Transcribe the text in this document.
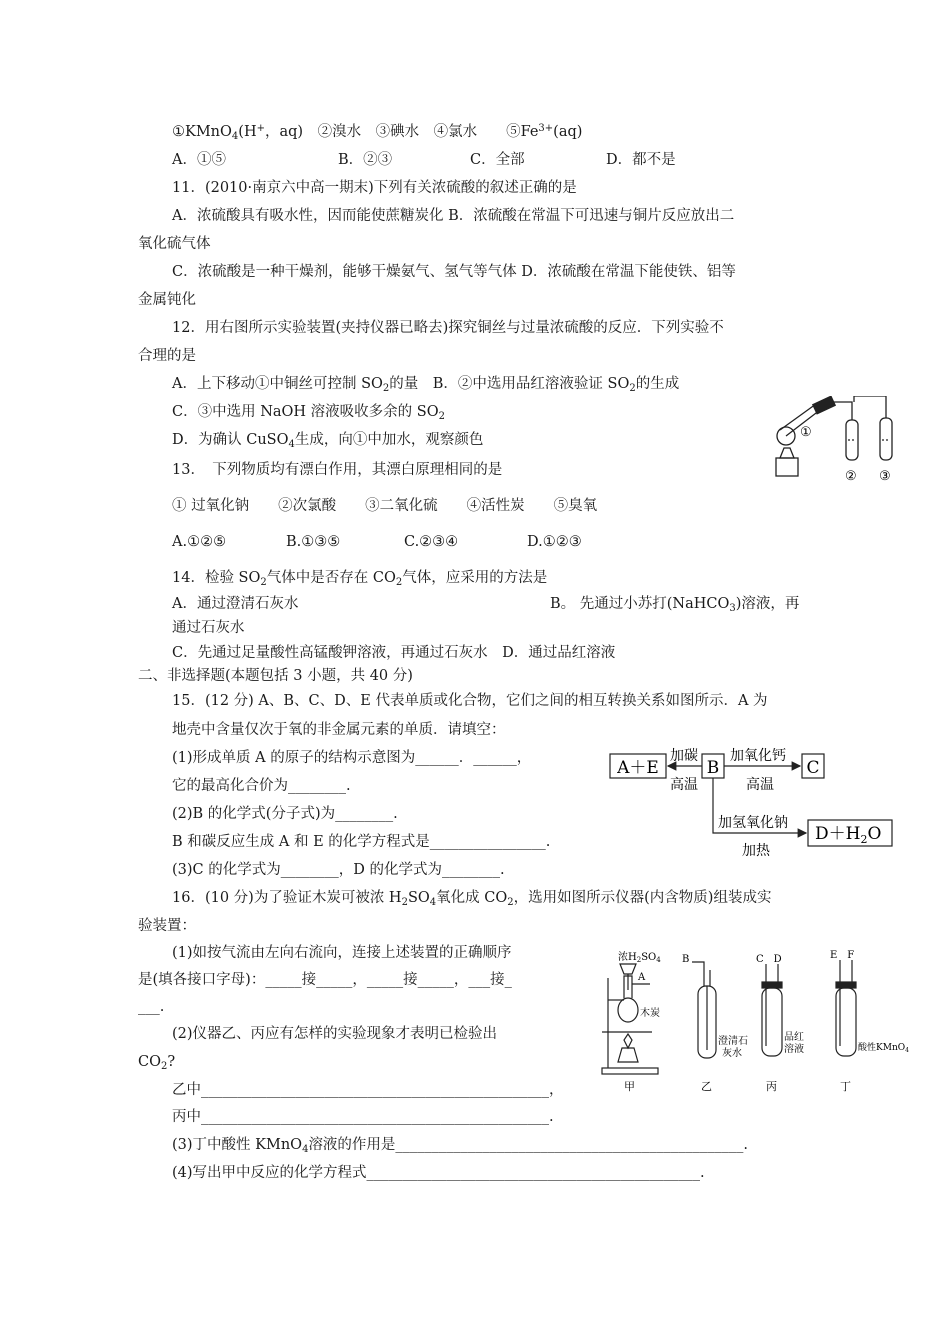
①KMnO$_4$(H+，aq)　②溴水　③碘水　④氯水　　$⑤Fe^{3+}(aq)$
A．①⑤	B．②③	C．全部	D．都不是
11．(2010·南京六中高一期末)下列有关浓硫酸的叙述正确的是
A．浓硫酸具有吸水性，因而能使蔗糖炭化 B．浓硫酸在常温下可迅速与铜片反应放出二
氧化硫气体
C．浓硫酸是一种干燥剂，能够干燥氨气、氢气等气体 D．浓硫酸在常温下能使铁、铝等
金属钝化
12．用右图所示实验装置(夹持仪器已略去)探究铜丝与过量浓硫酸的反应．下列实验不
合理的是
A．上下移动①中铜丝可控制 $SO_2$的量　B．②中选用品红溶液验证 $SO_2$的生成
C．③中选用 NaOH 溶液吸收多余的 $SO_2$
D．为确认 CuSO$_4$生成，向①中加水，观察颜色	①
② ③
13．　下列物质均有漂白作用，其漂白原理相同的是
① 过氧化钠　　②次氯酸　　③二氧化硫　　④活性炭　　⑤臭氧
A.①②⑤	B.①③⑤	C.②③④	D.①②③
14．检验 $SO_2$气体中是否存在 $CO_2$气体，应采用的方法是
A．通过澄清石灰水	B。 先通过小苏打(NaHCO$_3$)溶液，再
通过石灰水
C．先通过足量酸性高锰酸钾溶液，再通过石灰水　D．通过品红溶液
二、非选择题(本题包括 3 小题，共 40 分)
15．(12 分) A、B、C、D、E 代表单质或化合物，它们之间的相互转换关系如图所示．A 为
地壳中含量仅次于氧的非金属元素的单质．请填空：
(1)形成单质 A 的原子的结构示意图为______．______，
它的最高化合价为________.
(2)B 的化学式(分子式)为________.
B 和碳反应生成 A 和 E 的化学方程式是________________.
(3)C 的化学式为________，D 的化学式为________.
A＋E	B	C
$D+H_2O$
加碳
高温
加氧化钙
高温
加氢氧化钠
加热
16．(10 分)为了验证木炭可被浓 $H_2SO_4$氧化成 $CO_2$，选用如图所示仪器(内含物质)组装成实
验装置：
(1)如按气流由左向右流向，连接上述装置的正确顺序
是(填各接口字母)：_____接_____，_____接_____，___接_
___.
(2)仪器乙、丙应有怎样的实验现象才表明已检验出
$CO_2$?
乙中________________________________________________，
丙中________________________________________________.
(3)丁中酸性 KMnO$_4$溶液的作用是________________________________________________.
(4)写出甲中反应的化学方程式______________________________________________.
浓$H_2SO_4$
A
木炭
B	C　D	E　F
澄清石
灰水
品红
溶液	酸性KMnO$_4$
甲	乙	丙	丁
